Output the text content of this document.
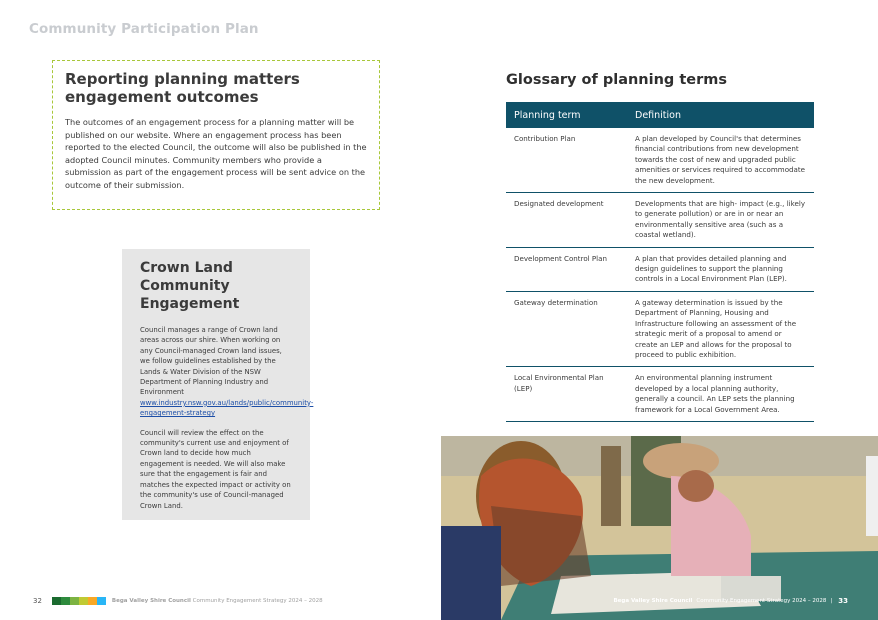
Community Participation Plan
Reporting planning matters engagement outcomes

The outcomes of an engagement process for a planning matter will be published on our website. Where an engagement process has been reported to the elected Council, the outcome will also be published in the adopted Council minutes. Community members who provide a submission as part of the engagement process will be sent advice on the outcome of their submission.

Crown Land Community Engagement

Council manages a range of Crown land areas across our shire. When working on any Council-managed Crown land issues, we follow guidelines established by the Lands & Water Division of the NSW Department of Planning Industry and Environment www.industry.nsw.gov.au/lands/public/community-engagement-strategy

Council will review the effect on the community's current use and enjoyment of Crown land to decide how much engagement is needed. We will also make sure that the engagement is fair and matches the expected impact or activity on the community's use of Council-managed Crown Land.

Glossary of planning terms
Planning term	Definition
Contribution Plan	A plan developed by Council's that determines financial contributions from new development towards the cost of new and upgraded public amenities or services required to accommodate the new development.
Designated development	Developments that are high- impact (e.g., likely to generate pollution) or are in or near an environmentally sensitive area (such as a coastal wetland).
Development Control Plan	A plan that provides detailed planning and design guidelines to support the planning controls in a Local Environment Plan (LEP).
Gateway determination	A gateway determination is issued by the Department of Planning, Housing and Infrastructure following an assessment of the strategic merit of a proposal to amend or create an LEP and allows for the proposal to proceed to public exhibition.
Local Environmental Plan (LEP)	An environmental planning instrument developed by a local planning authority, generally a council. An LEP sets the planning framework for a Local Government Area.
32	Bega Valley Shire Council Community Engagement Strategy 2024 – 2028	Bega Valley Shire Council Community Engagement Strategy 2024 – 2028 | 33
